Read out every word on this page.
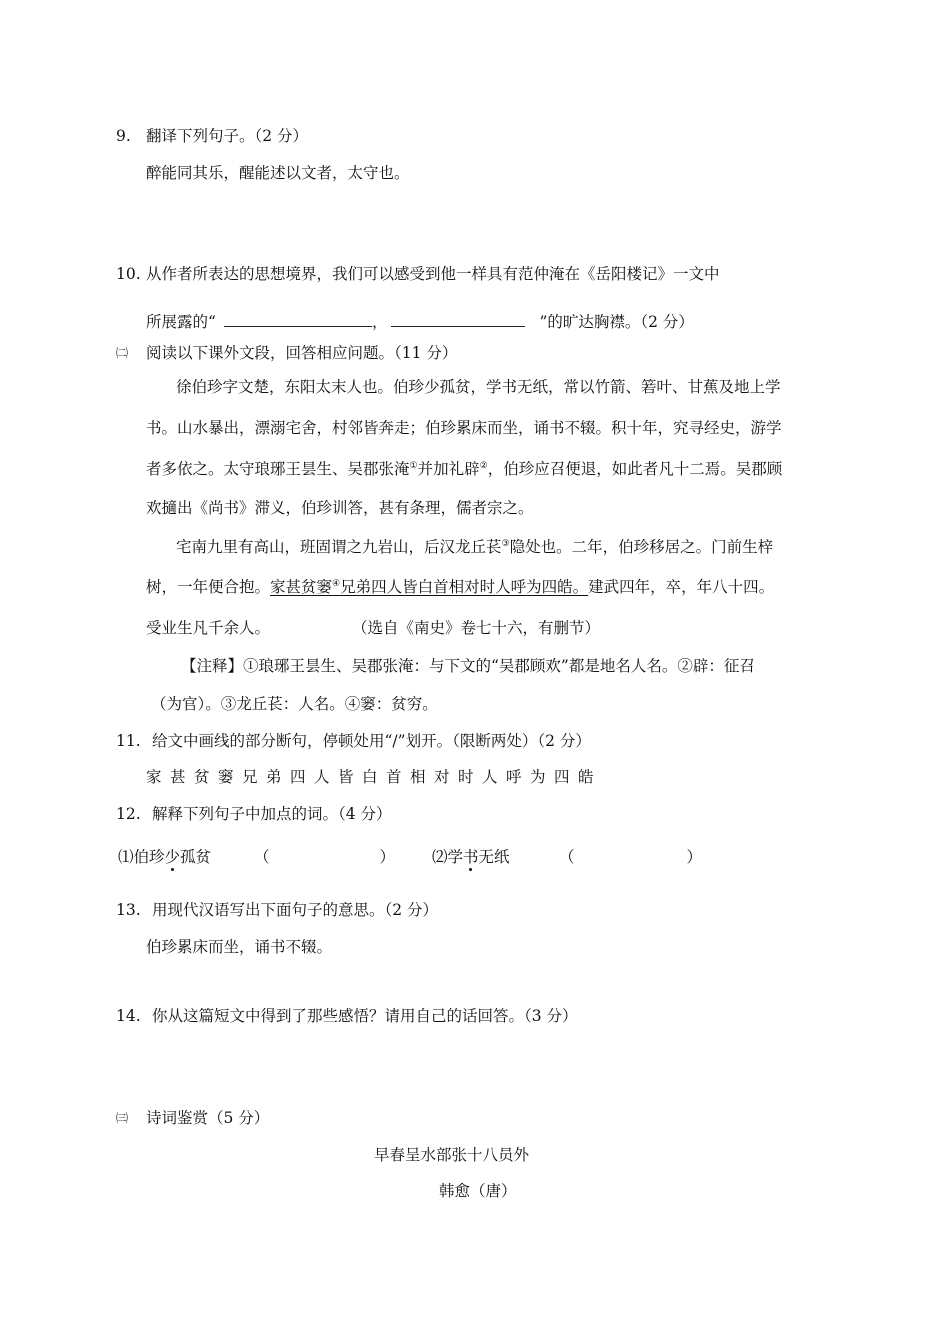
9. 翻译下列句子。（2 分）
醉能同其乐，醒能述以文者，太守也。
10. 从作者所表达的思想境界，我们可以感受到他一样具有范仲淹在《岳阳楼记》一文中
所展露的“	，	”的旷达胸襟。（2 分）
㈡ 阅读以下课外文段，回答相应问题。（11 分）
徐伯珍字文楚，东阳太末人也。伯珍少孤贫，学书无纸，常以竹箭、箬叶、甘蕉及地上学
书。山水暴出，漂溺宅舍，村邻皆奔走；伯珍累床而坐，诵书不辍。积十年，究寻经史，游学
者多依之。太守琅琊王昙生、吴郡张淹①并加礼辟②，伯珍应召便退，如此者凡十二焉。吴郡顾
欢擿出《尚书》滞义，伯珍训答，甚有条理，儒者宗之。
宅南九里有高山，班固谓之九岩山，后汉龙丘苌③隐处也。二年，伯珍移居之。门前生梓
树，一年便合抱。家甚贫窭④兄弟四人皆白首相对时人呼为四皓。建武四年，卒，年八十四。
受业生凡千余人。	（选自《南史》卷七十六，有删节）
【注释】①琅琊王昙生、吴郡张淹：与下文的“吴郡顾欢”都是地名人名。②辟：征召
（为官）。③龙丘苌：人名。④窭：贫穷。
11. 给文中画线的部分断句，停顿处用“/”划开。（限断两处）（2 分）
家甚贫窭兄弟四人皆白首相对时人呼为四皓
12. 解释下列句子中加点的词。（4 分）
⑴伯珍少孤贫	（	） ⑵学书无纸	（	）
13. 用现代汉语写出下面句子的意思。（2 分）
伯珍累床而坐，诵书不辍。
14. 你从这篇短文中得到了那些感悟？请用自己的话回答。（3 分）
㈢ 诗词鉴赏（5 分）
早春呈水部张十八员外
韩愈（唐）
